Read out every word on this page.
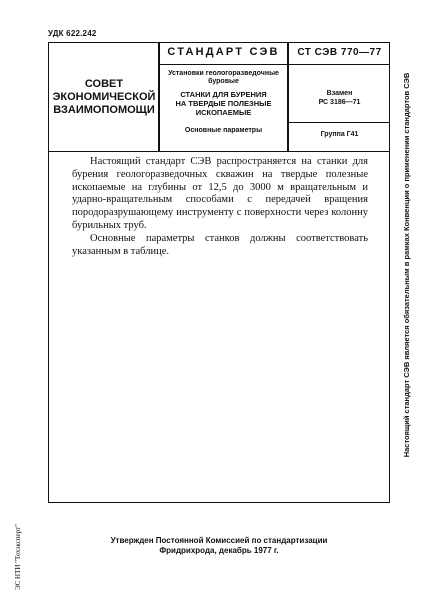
УДК 622.242
СОВЕТ
ЭКОНОМИЧЕСКОЙ
ВЗАИМОПОМОЩИ
СТАНДАРТ СЭВ
Установки геологоразведочные
буровые
СТАНКИ ДЛЯ БУРЕНИЯ
НА ТВЕРДЫЕ ПОЛЕЗНЫЕ
ИСКОПАЕМЫЕ
Основные параметры
СТ СЭВ 770—77
Взамен
РС 3186—71
Группа Г41

Настоящий стандарт СЭВ распространяется на станки для бурения геологоразведочных скважин на твердые полезные ископаемые на глубины от 12,5 до 3000 м вращательным и ударно-вращательным способами с передачей вращения породоразрушающему инструменту с поверхности через колонну бурильных труб.

Основные параметры станков должны соответствовать указанным в таблице.

Утвержден Постоянной Комиссией по стандартизации
Фридрихрода, декабрь 1977 г.
Настоящий стандарт СЭВ является обязательным в рамках Конвенции о применении стандартов СЭВ
ЭС НТИ "Техэксперт"
